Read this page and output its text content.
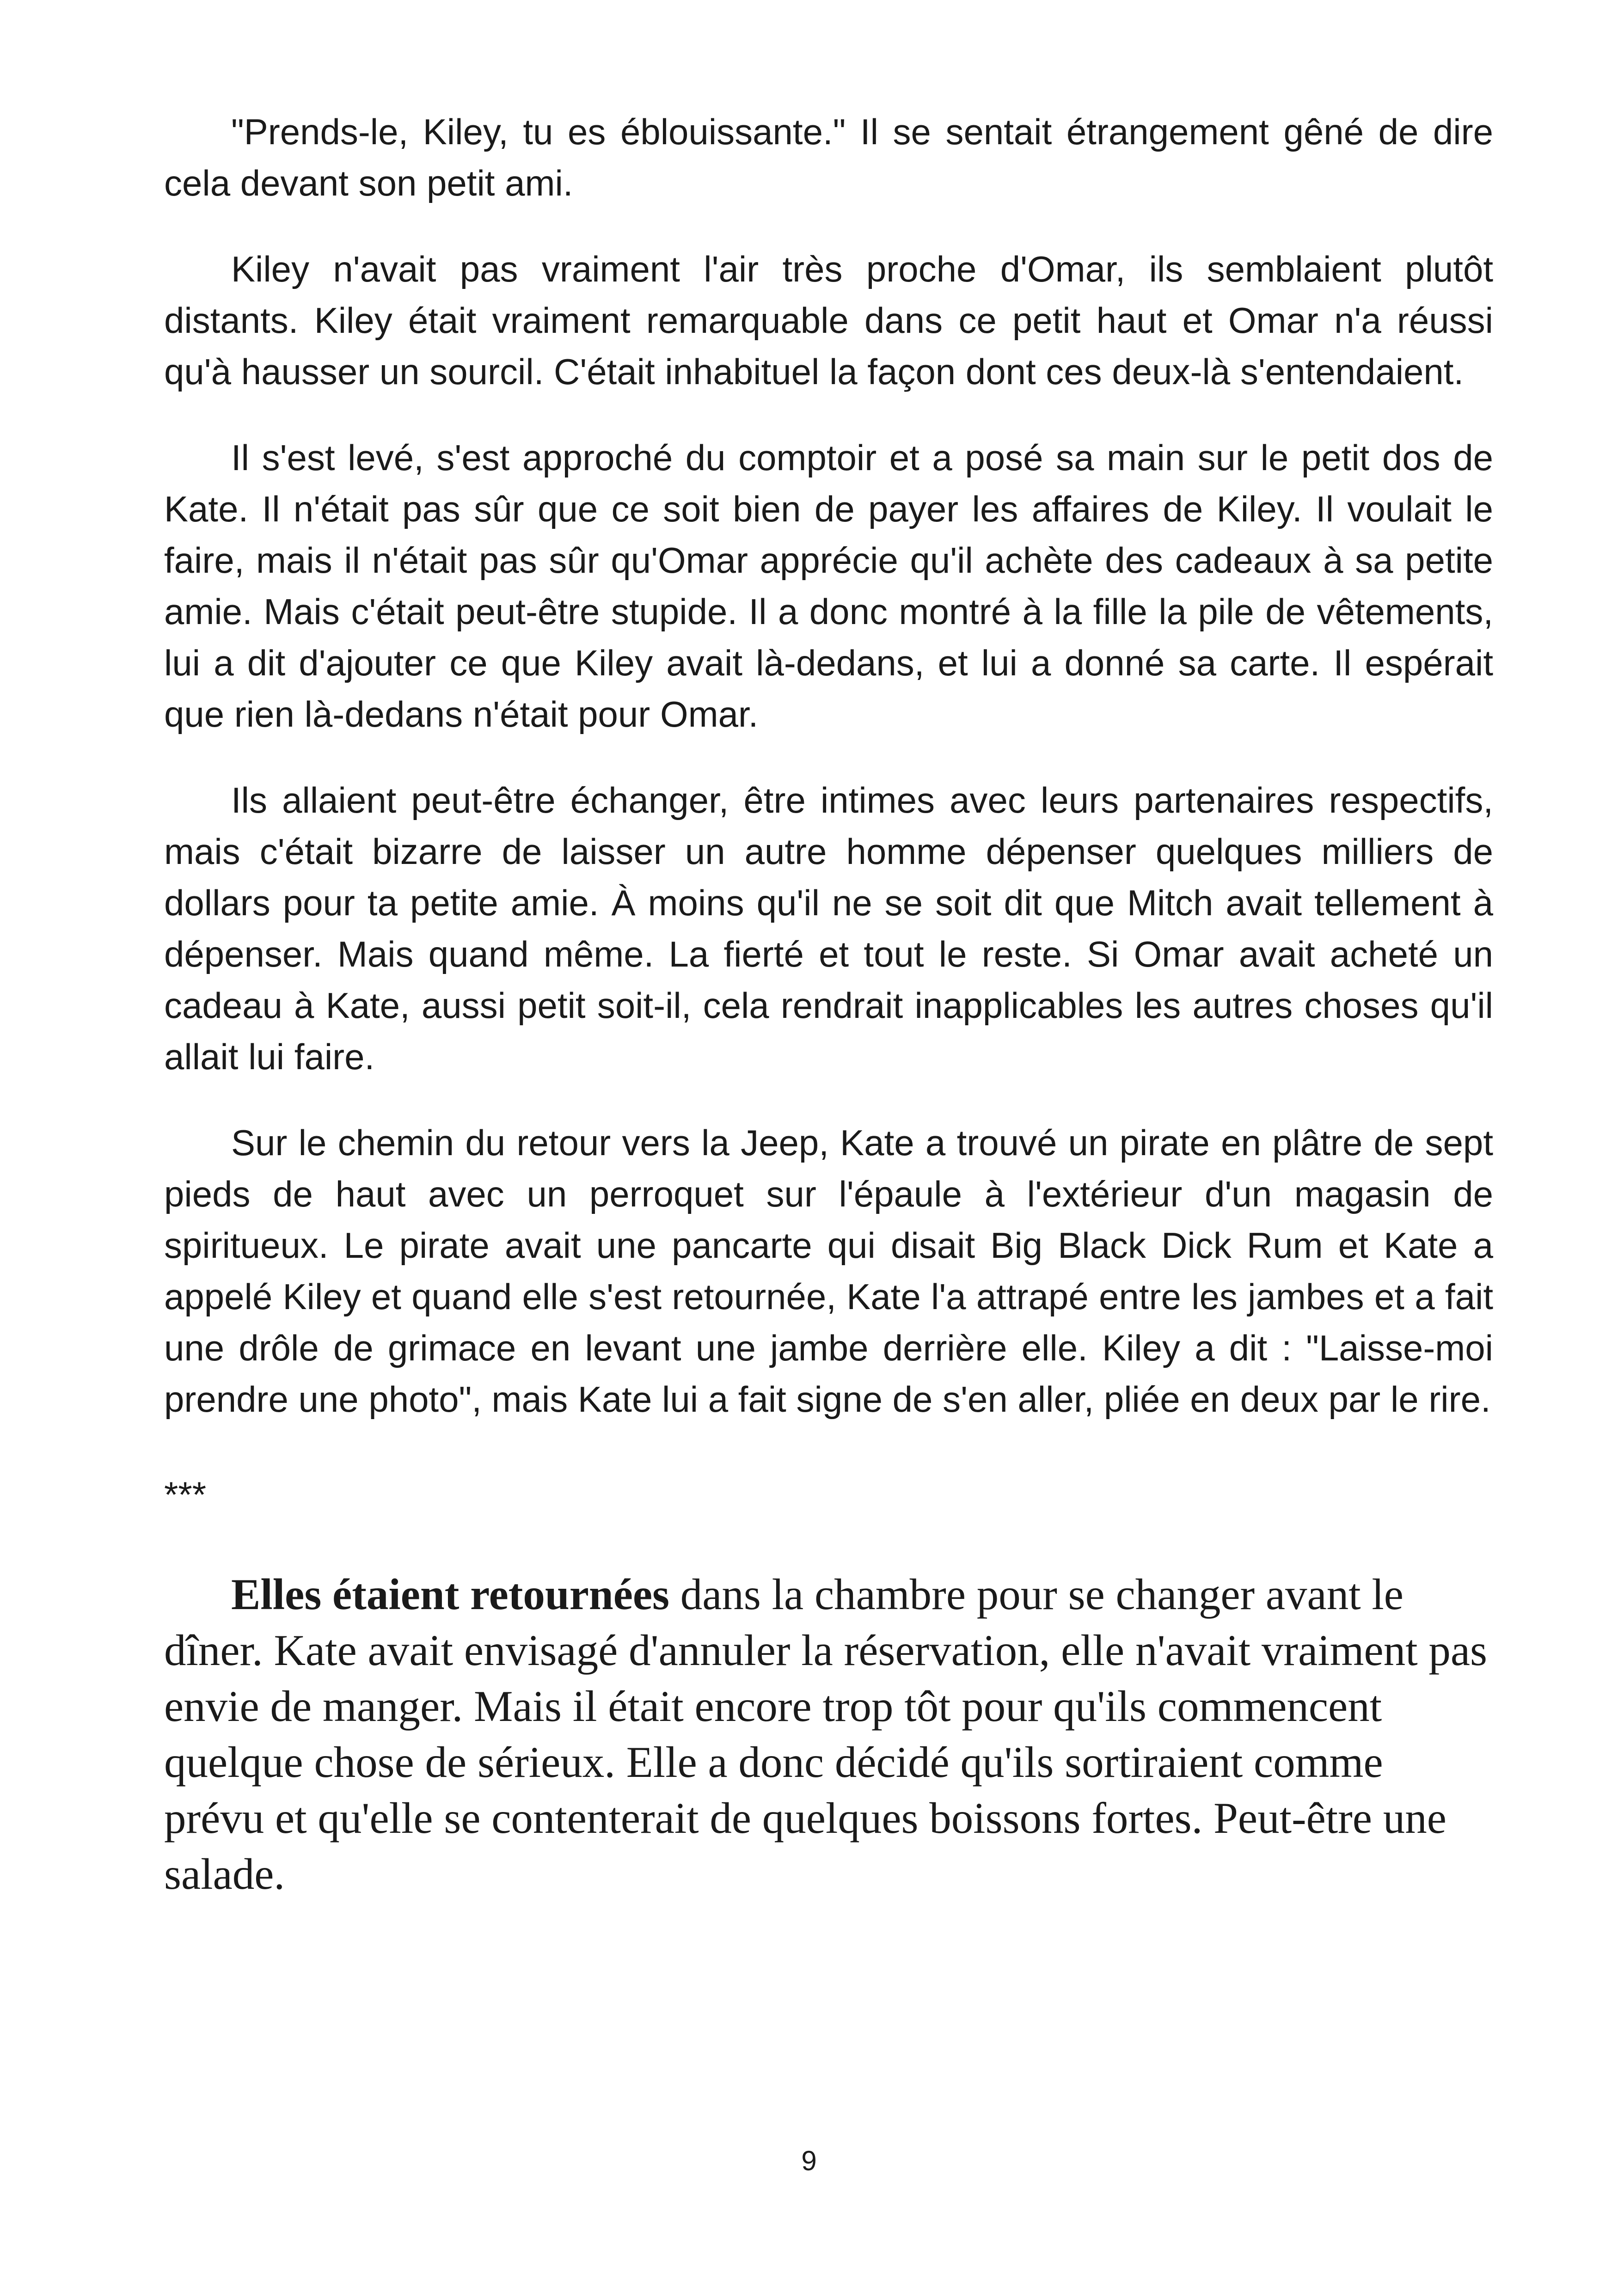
"Prends-le, Kiley, tu es éblouissante." Il se sentait étrangement gêné de dire cela devant son petit ami.

Kiley n'avait pas vraiment l'air très proche d'Omar, ils semblaient plutôt distants. Kiley était vraiment remarquable dans ce petit haut et Omar n'a réussi qu'à hausser un sourcil. C'était inhabituel la façon dont ces deux-là s'entendaient.

Il s'est levé, s'est approché du comptoir et a posé sa main sur le petit dos de Kate. Il n'était pas sûr que ce soit bien de payer les affaires de Kiley. Il voulait le faire, mais il n'était pas sûr qu'Omar apprécie qu'il achète des cadeaux à sa petite amie. Mais c'était peut-être stupide. Il a donc montré à la fille la pile de vêtements, lui a dit d'ajouter ce que Kiley avait là-dedans, et lui a donné sa carte. Il espérait que rien là-dedans n'était pour Omar.

Ils allaient peut-être échanger, être intimes avec leurs partenaires respectifs, mais c'était bizarre de laisser un autre homme dépenser quelques milliers de dollars pour ta petite amie. À moins qu'il ne se soit dit que Mitch avait tellement à dépenser. Mais quand même. La fierté et tout le reste. Si Omar avait acheté un cadeau à Kate, aussi petit soit-il, cela rendrait inapplicables les autres choses qu'il allait lui faire.

Sur le chemin du retour vers la Jeep, Kate a trouvé un pirate en plâtre de sept pieds de haut avec un perroquet sur l'épaule à l'extérieur d'un magasin de spiritueux. Le pirate avait une pancarte qui disait Big Black Dick Rum et Kate a appelé Kiley et quand elle s'est retournée, Kate l'a attrapé entre les jambes et a fait une drôle de grimace en levant une jambe derrière elle. Kiley a dit : "Laisse-moi prendre une photo", mais Kate lui a fait signe de s'en aller, pliée en deux par le rire.

***

Elles étaient retournées dans la chambre pour se changer avant le dîner. Kate avait envisagé d'annuler la réservation, elle n'avait vraiment pas envie de manger. Mais il était encore trop tôt pour qu'ils commencent quelque chose de sérieux. Elle a donc décidé qu'ils sortiraient comme prévu et qu'elle se contenterait de quelques boissons fortes. Peut-être une salade.

9
